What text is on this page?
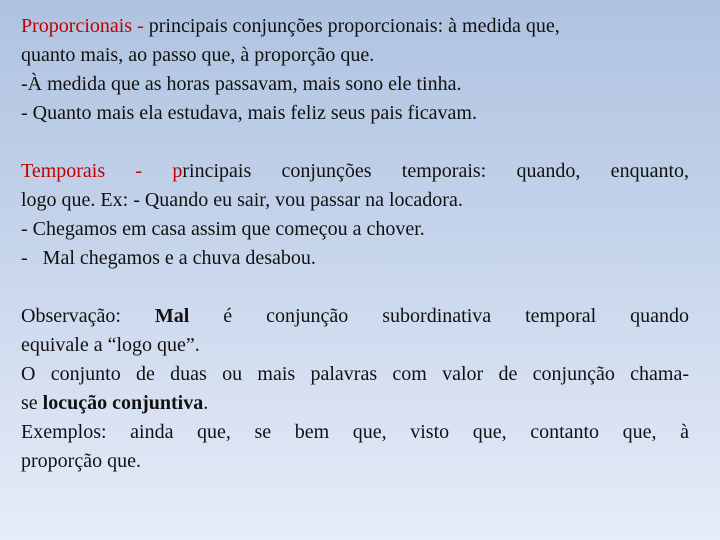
Proporcionais - principais conjunções proporcionais: à medida que,
quanto mais, ao passo que, à proporção que.
-À medida que as horas passavam, mais sono ele tinha.
- Quanto mais ela estudava, mais feliz seus pais ficavam.
Temporais - principais conjunções temporais: quando, enquanto,
logo que. Ex: - Quando eu sair, vou passar na locadora.
- Chegamos em casa assim que começou a chover.
-   Mal chegamos e a chuva desabou.
Observação: Mal é conjunção subordinativa temporal quando
equivale a “logo que”.
O conjunto de duas ou mais palavras com valor de conjunção chama-
se locução conjuntiva.
Exemplos: ainda que, se bem que, visto que, contanto que, à
proporção que.
